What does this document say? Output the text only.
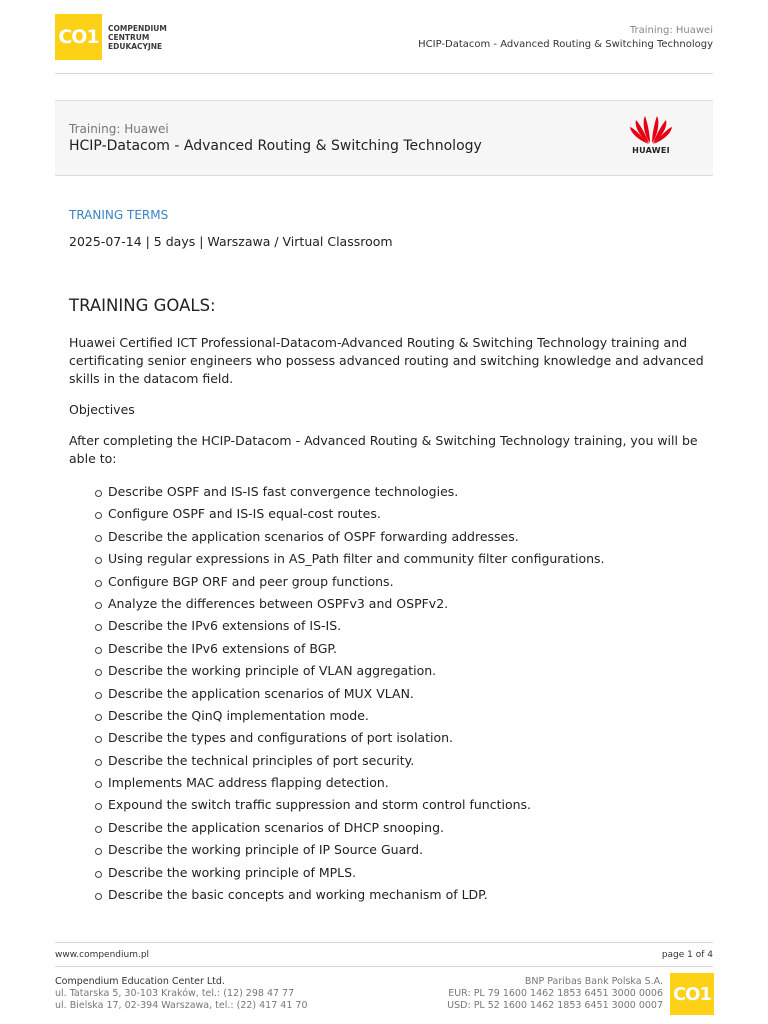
CO1	COMPENDIUM
CENTRUM
EDUKACYJNE
Training: Huawei
HCIP-Datacom - Advanced Routing & Switching Technology
Training: Huawei
HCIP-Datacom - Advanced Routing & Switching Technology	HUAWEI
TRANING TERMS
2025-07-14 | 5 days | Warszawa / Virtual Classroom
TRAINING GOALS:
Huawei Certified ICT Professional-Datacom-Advanced Routing & Switching Technology training and certificating senior engineers who possess advanced routing and switching knowledge and advanced skills in the datacom field.
Objectives
After completing the HCIP-Datacom - Advanced Routing & Switching Technology training, you will be able to:
Describe OSPF and IS-IS fast convergence technologies.
Configure OSPF and IS-IS equal-cost routes.
Describe the application scenarios of OSPF forwarding addresses.
Using regular expressions in AS_Path filter and community filter configurations.
Configure BGP ORF and peer group functions.
Analyze the differences between OSPFv3 and OSPFv2.
Describe the IPv6 extensions of IS-IS.
Describe the IPv6 extensions of BGP.
Describe the working principle of VLAN aggregation.
Describe the application scenarios of MUX VLAN.
Describe the QinQ implementation mode.
Describe the types and configurations of port isolation.
Describe the technical principles of port security.
Implements MAC address flapping detection.
Expound the switch traffic suppression and storm control functions.
Describe the application scenarios of DHCP snooping.
Describe the working principle of IP Source Guard.
Describe the working principle of MPLS.
Describe the basic concepts and working mechanism of LDP.
www.compendium.pl	page 1 of 4
Compendium Education Center Ltd.
ul. Tatarska 5, 30-103 Kraków, tel.: (12) 298 47 77
ul. Bielska 17, 02-394 Warszawa, tel.: (22) 417 41 70
BNP Paribas Bank Polska S.A.
EUR: PL 79 1600 1462 1853 6451 3000 0006
USD: PL 52 1600 1462 1853 6451 3000 0007
CO1
